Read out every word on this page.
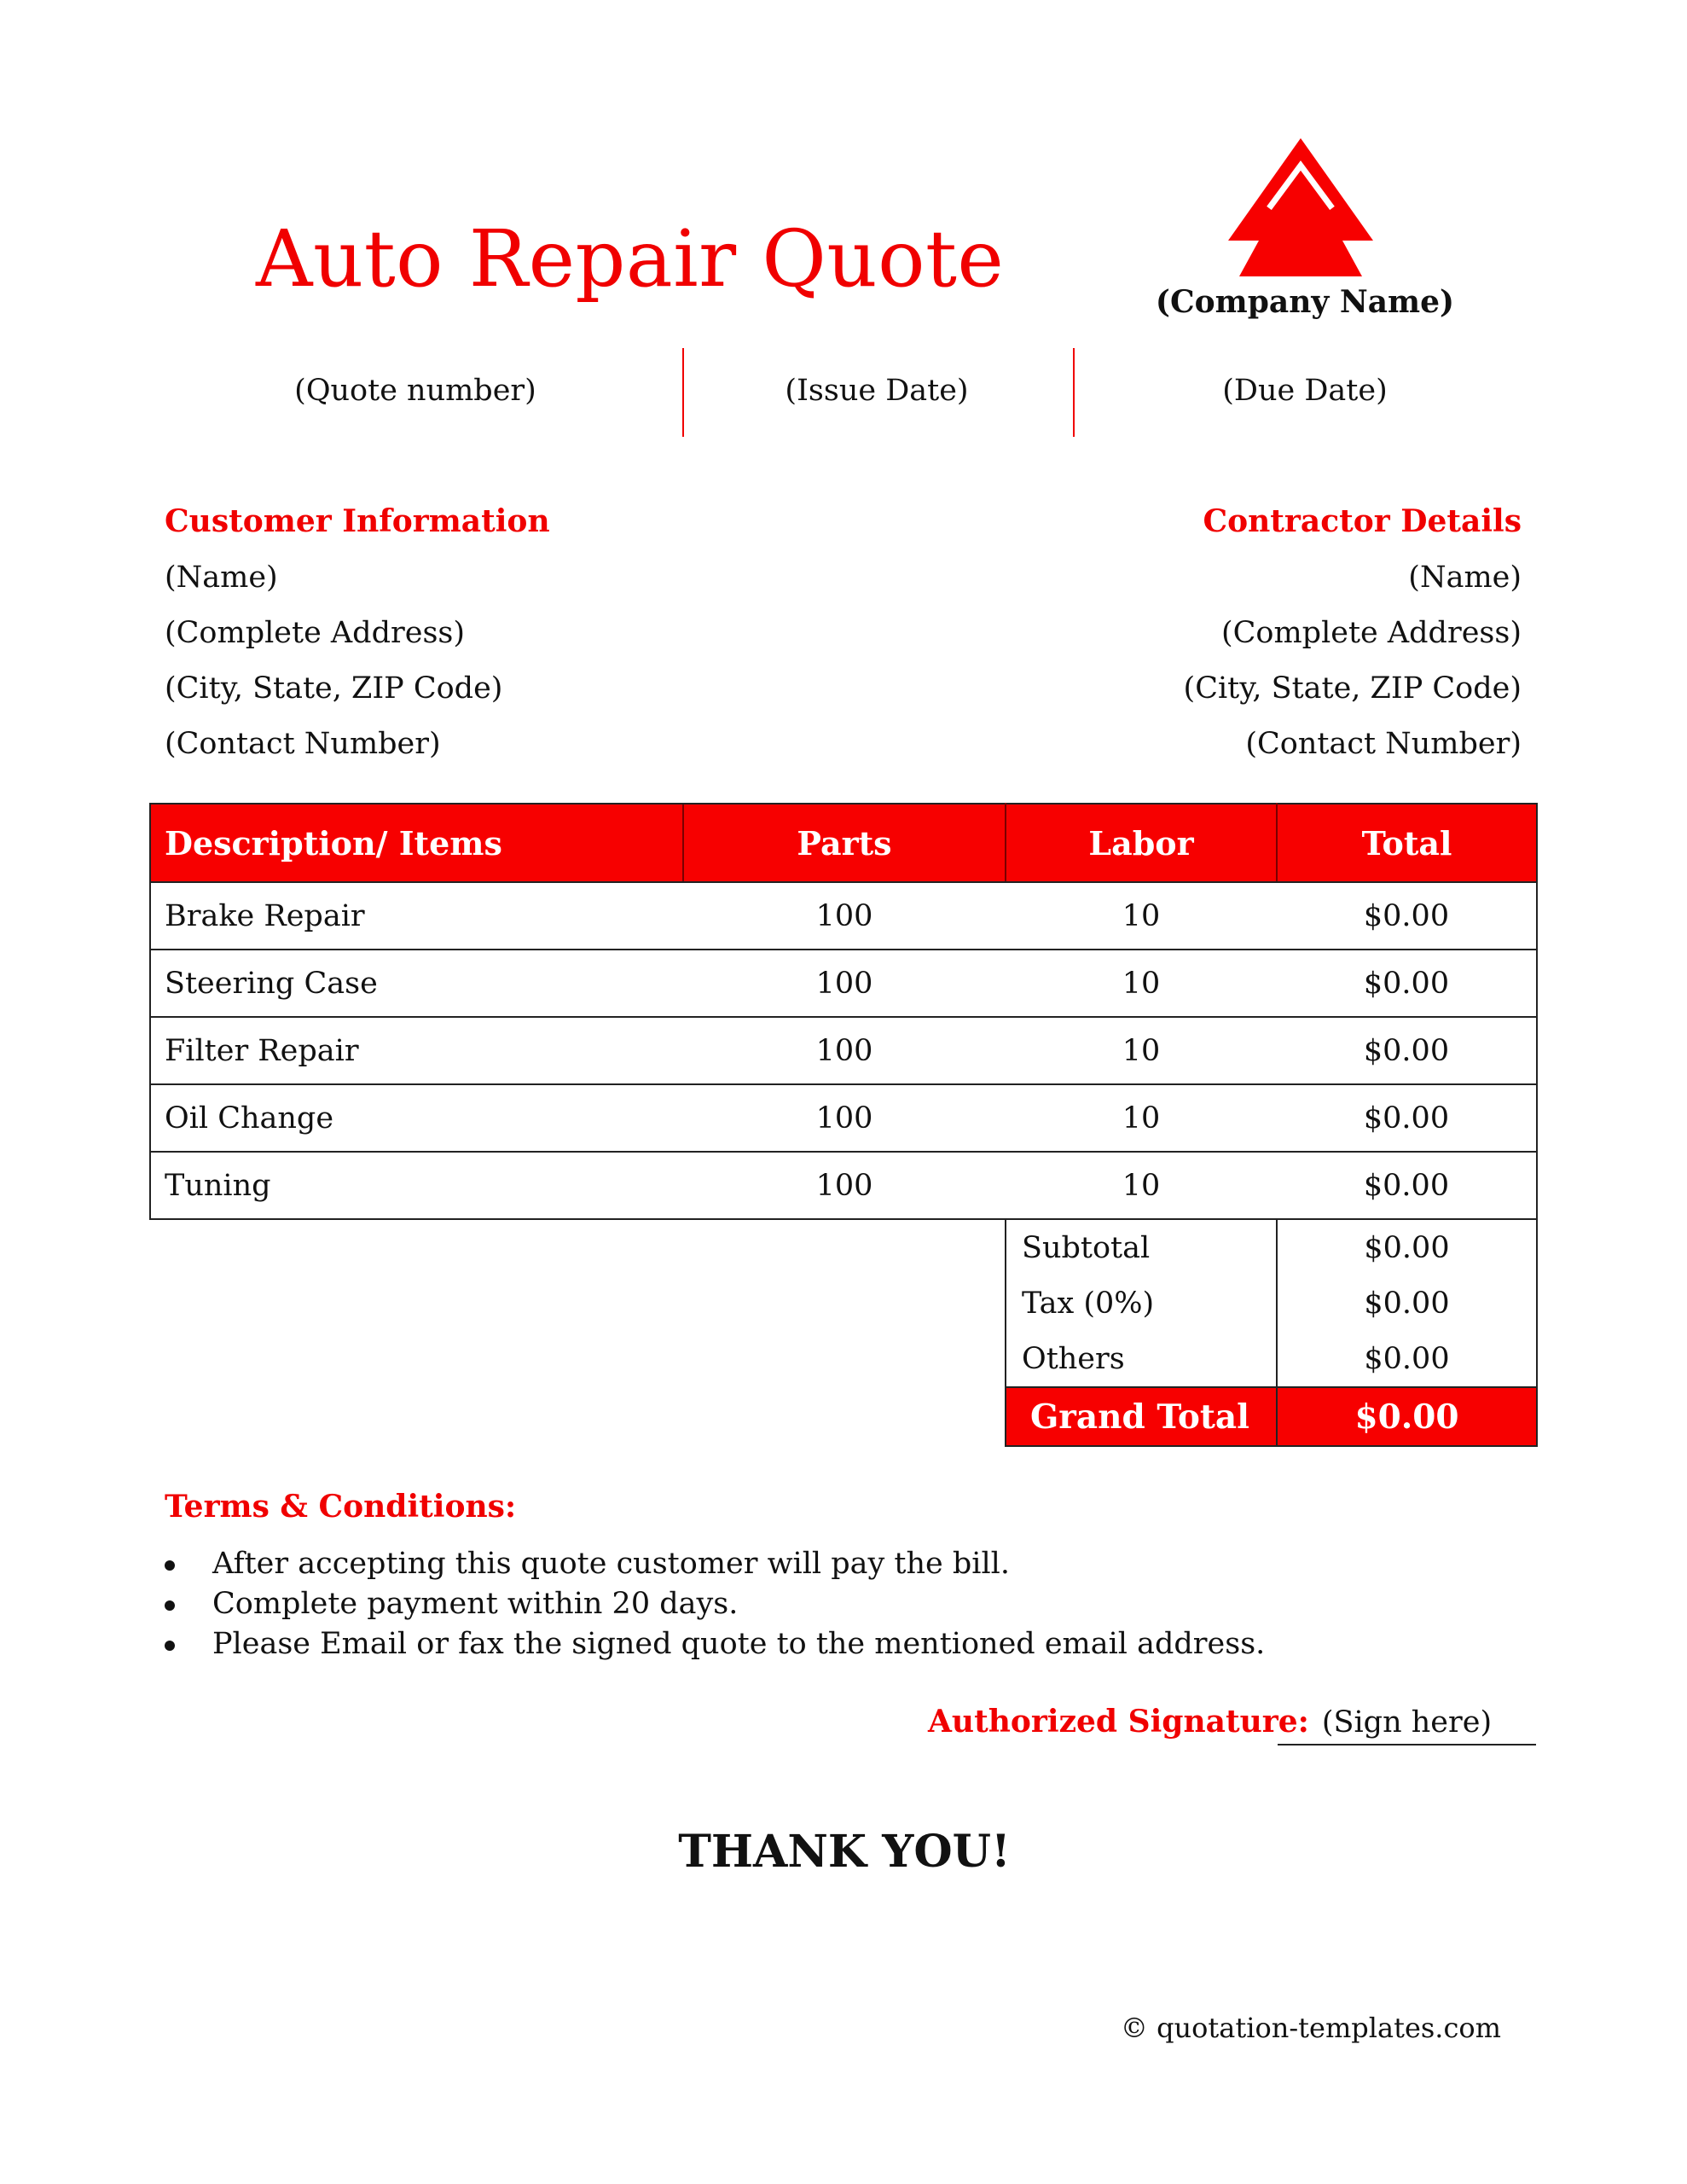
Auto Repair Quote	(Company Name)
(Quote number)	(Issue Date)	(Due Date)
Customer Information
(Name)
(Complete Address)
(City, State, ZIP Code)
(Contact Number)
Contractor Details
(Name)
(Complete Address)
(City, State, ZIP Code)
(Contact Number)
Description/ Items	Parts	Labor	Total
Brake Repair	100	10	$0.00
Steering Case	100	10	$0.00
Filter Repair	100	10	$0.00
Oil Change	100	10	$0.00
Tuning	100	10	$0.00
Subtotal	$0.00
Tax (0%)	$0.00
Others	$0.00
Grand Total	$0.00
Terms & Conditions:
After accepting this quote customer will pay the bill.
Complete payment within 20 days.
Please Email or fax the signed quote to the mentioned email address.
Authorized Signature: (Sign here)
THANK YOU!
© quotation-templates.com
